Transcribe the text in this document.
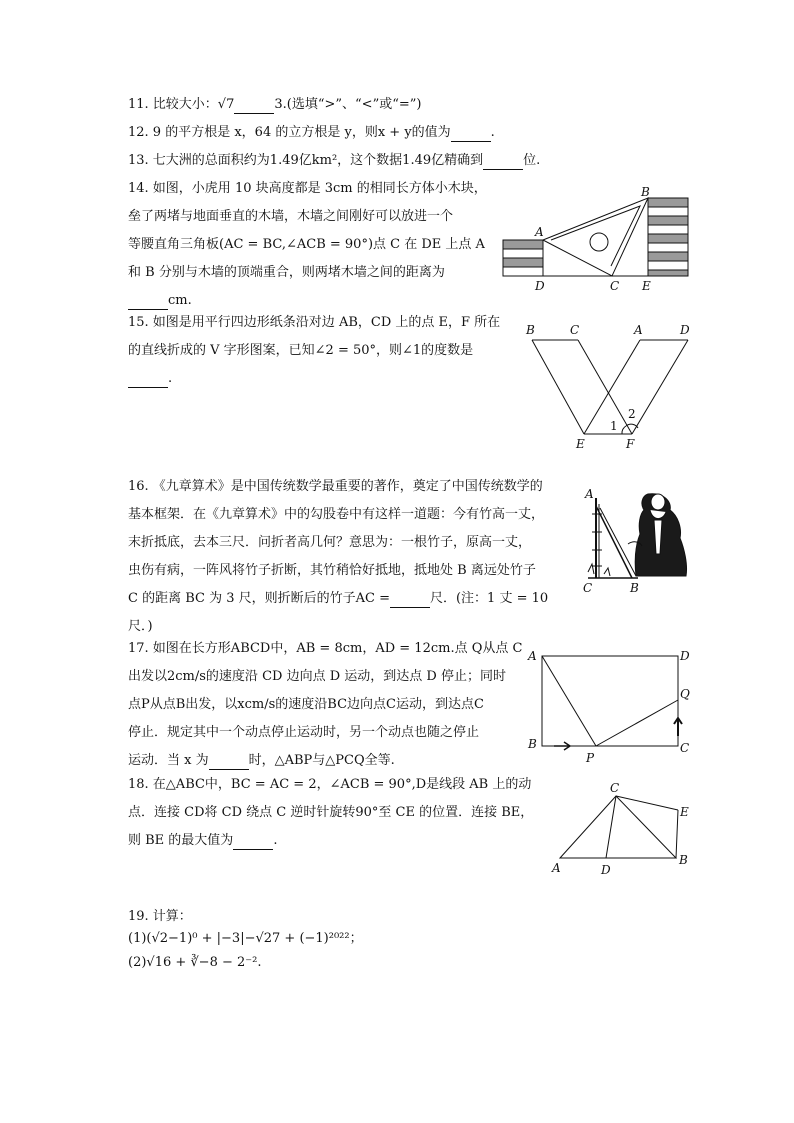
11. 比较大小：√7	3.(选填“>”、“<”或“=”)
12. 9 的平方根是 x，64 的立方根是 y，则x + y的值为	.
13. 七大洲的总面积约为1.49亿km²，这个数据1.49亿精确到	位.
14. 如图，小虎用 10 块高度都是 3cm 的相同长方体小木块，
垒了两堵与地面垂直的木墙，木墙之间刚好可以放进一个
等腰直角三角板(AC = BC,∠ACB = 90°)点 C 在 DE 上点 A
和 B 分别与木墙的顶端重合，则两堵木墙之间的距离为
cm.
A
B
C
D	E
15. 如图是用平行四边形纸条沿对边 AB，CD 上的点 E，F 所在
的直线折成的 V 字形图案，已知∠2 = 50°，则∠1的度数是
.
B	C	A	D
E	F
1
2
16. 《九章算术》是中国传统数学最重要的著作，奠定了中国传统数学的
基本框架．在《九章算术》中的勾股卷中有这样一道题：今有竹高一丈，
末折抵底，去本三尺．问折者高几何？意思为：一根竹子，原高一丈，
虫伤有病，一阵风将竹子折断，其竹稍恰好抵地，抵地处 B 离远处竹子
C 的距离 BC 为 3 尺，则折断后的竹子AC =	尺．(注：1 丈 = 10
尺．)
A
C	B
17. 如图在长方形ABCD中，AB = 8cm，AD = 12cm.点 Q从点 C
出发以2cm/s的速度沿 CD 边向点 D 运动，到达点 D 停止；同时
点P从点B出发，以xcm/s的速度沿BC边向点C运动，到达点C
停止．规定其中一个动点停止运动时，另一个动点也随之停止
运动．当 x 为	时，△ABP与△PCQ全等.
A	D
Q
B	C
P
18. 在△ABC中，BC = AC = 2，∠ACB = 90°,D是线段 AB 上的动
点．连接 CD将 CD 绕点 C 逆时针旋转90°至 CE 的位置．连接 BE，
则 BE 的最大值为	.
C
E
A	D
B
19. 计算：
(1)(√2−1)⁰ + |−3|−√27 + (−1)²⁰²²；
(2)√16 + ∛−8 − 2⁻².
